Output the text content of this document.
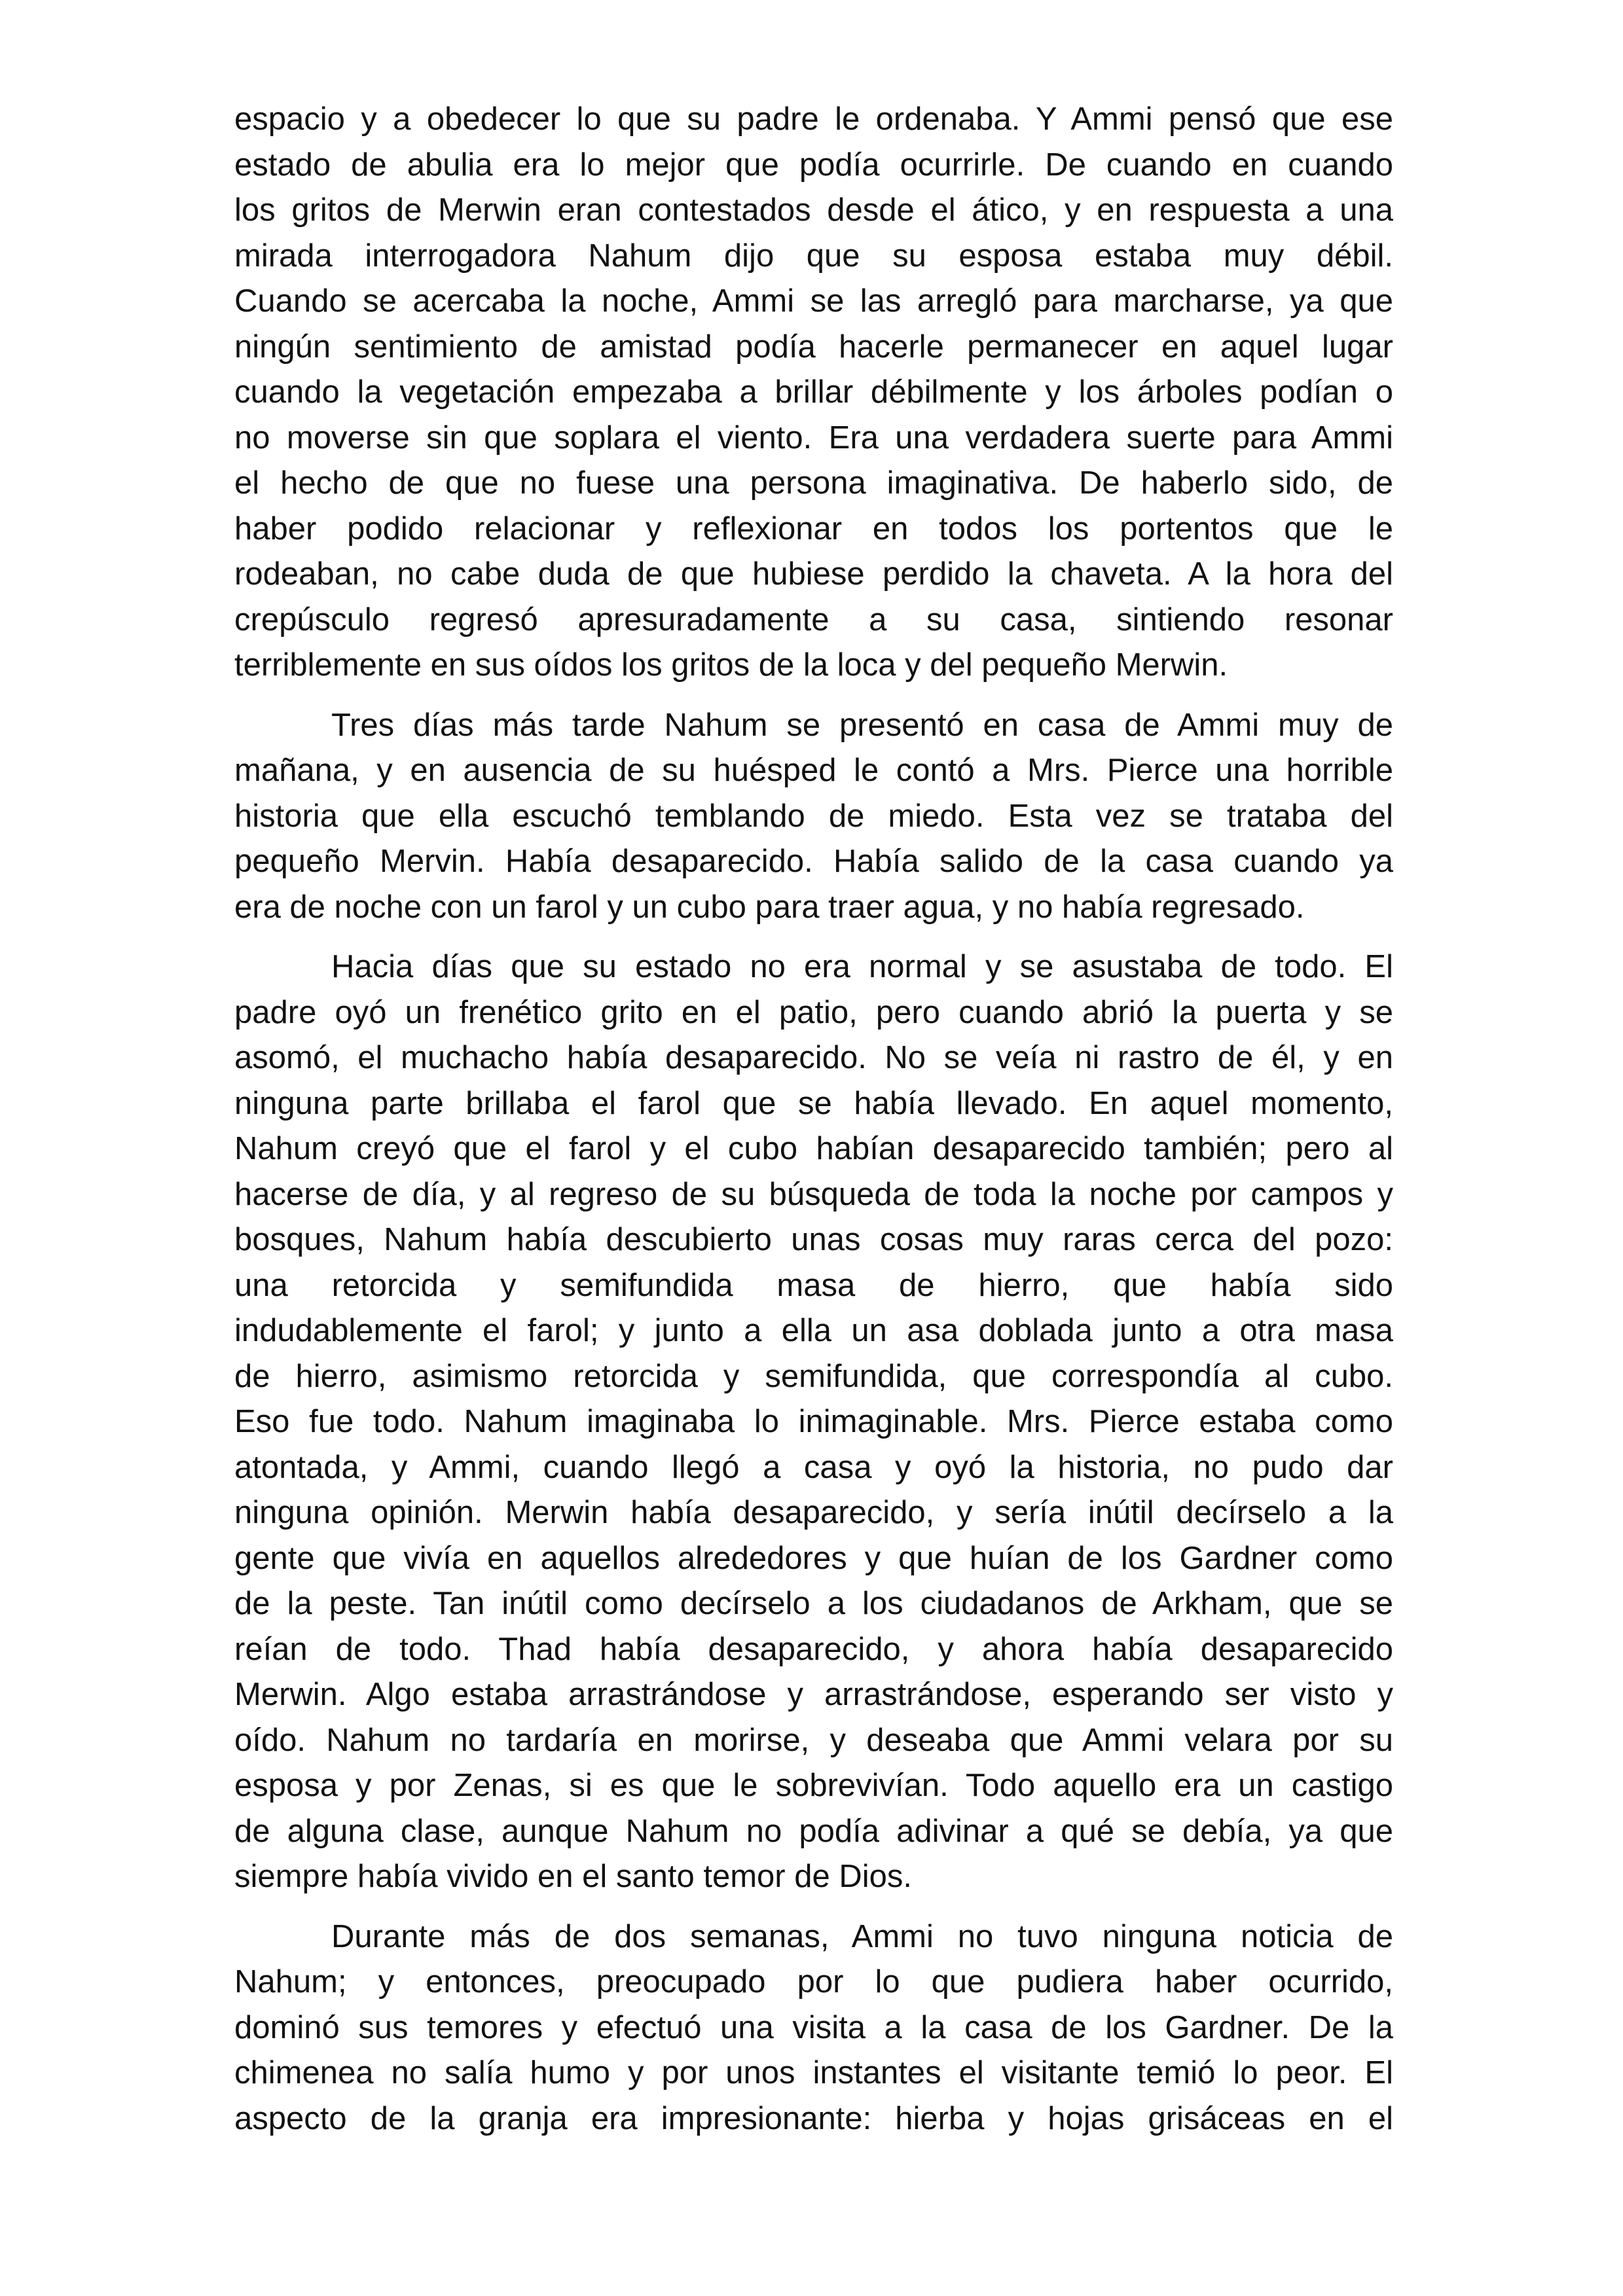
espacio y a obedecer lo que su padre le ordenaba. Y Ammi pensó que ese
estado de abulia era lo mejor que podía ocurrirle. De cuando en cuando
los gritos de Merwin eran contestados desde el ático, y en respuesta a una
mirada interrogadora Nahum dijo que su esposa estaba muy débil.
Cuando se acercaba la noche, Ammi se las arregló para marcharse, ya que
ningún sentimiento de amistad podía hacerle permanecer en aquel lugar
cuando la vegetación empezaba a brillar débilmente y los árboles podían o
no moverse sin que soplara el viento. Era una verdadera suerte para Ammi
el hecho de que no fuese una persona imaginativa. De haberlo sido, de
haber podido relacionar y reflexionar en todos los portentos que le
rodeaban, no cabe duda de que hubiese perdido la chaveta. A la hora del
crepúsculo regresó apresuradamente a su casa, sintiendo resonar
terriblemente en sus oídos los gritos de la loca y del pequeño Merwin.
Tres días más tarde Nahum se presentó en casa de Ammi muy de
mañana, y en ausencia de su huésped le contó a Mrs. Pierce una horrible
historia que ella escuchó temblando de miedo. Esta vez se trataba del
pequeño Mervin. Había desaparecido. Había salido de la casa cuando ya
era de noche con un farol y un cubo para traer agua, y no había regresado.
Hacia días que su estado no era normal y se asustaba de todo. El
padre oyó un frenético grito en el patio, pero cuando abrió la puerta y se
asomó, el muchacho había desaparecido. No se veía ni rastro de él, y en
ninguna parte brillaba el farol que se había llevado. En aquel momento,
Nahum creyó que el farol y el cubo habían desaparecido también; pero al
hacerse de día, y al regreso de su búsqueda de toda la noche por campos y
bosques, Nahum había descubierto unas cosas muy raras cerca del pozo:
una retorcida y semifundida masa de hierro, que había sido
indudablemente el farol; y junto a ella un asa doblada junto a otra masa
de hierro, asimismo retorcida y semifundida, que correspondía al cubo.
Eso fue todo. Nahum imaginaba lo inimaginable. Mrs. Pierce estaba como
atontada, y Ammi, cuando llegó a casa y oyó la historia, no pudo dar
ninguna opinión. Merwin había desaparecido, y sería inútil decírselo a la
gente que vivía en aquellos alrededores y que huían de los Gardner como
de la peste. Tan inútil como decírselo a los ciudadanos de Arkham, que se
reían de todo. Thad había desaparecido, y ahora había desaparecido
Merwin. Algo estaba arrastrándose y arrastrándose, esperando ser visto y
oído. Nahum no tardaría en morirse, y deseaba que Ammi velara por su
esposa y por Zenas, si es que le sobrevivían. Todo aquello era un castigo
de alguna clase, aunque Nahum no podía adivinar a qué se debía, ya que
siempre había vivido en el santo temor de Dios.
Durante más de dos semanas, Ammi no tuvo ninguna noticia de
Nahum; y entonces, preocupado por lo que pudiera haber ocurrido,
dominó sus temores y efectuó una visita a la casa de los Gardner. De la
chimenea no salía humo y por unos instantes el visitante temió lo peor. El
aspecto de la granja era impresionante: hierba y hojas grisáceas en el
